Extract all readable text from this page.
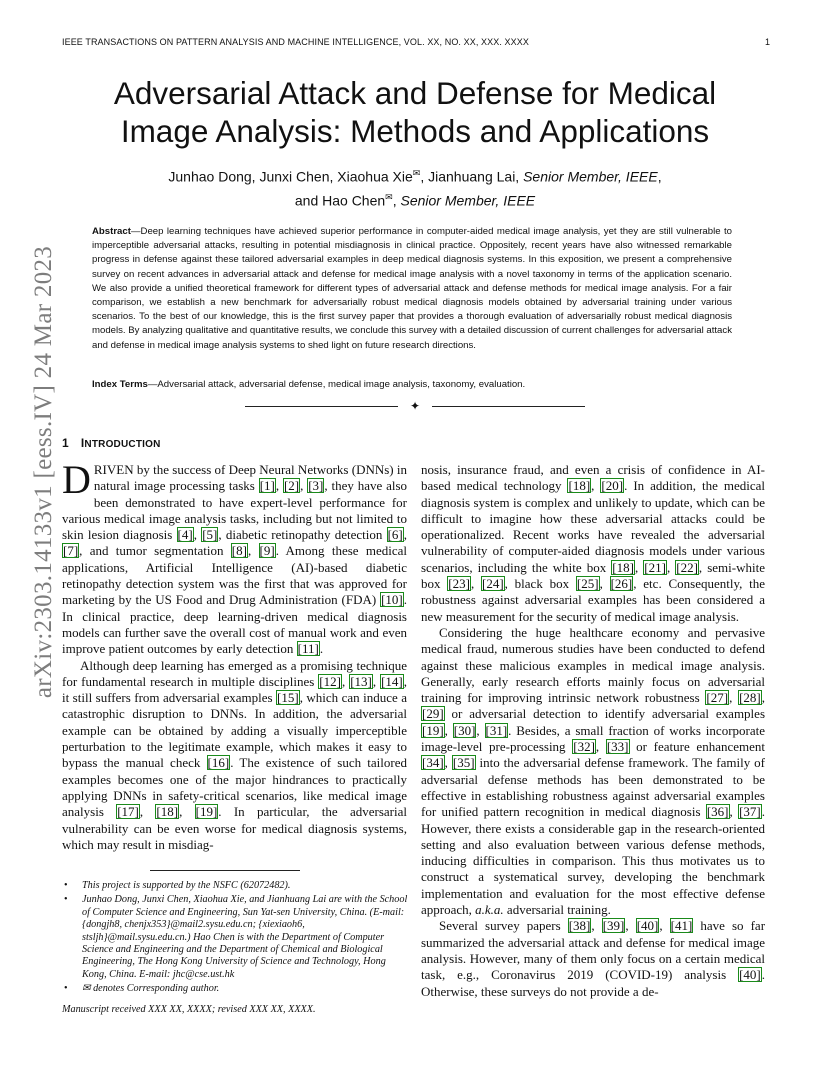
IEEE TRANSACTIONS ON PATTERN ANALYSIS AND MACHINE INTELLIGENCE, VOL. XX, NO. XX, XXX. XXXX	1
Adversarial Attack and Defense for Medical
Image Analysis: Methods and Applications
Junhao Dong, Junxi Chen, Xiaohua Xie✉, Jianhuang Lai, Senior Member, IEEE,
and Hao Chen✉, Senior Member, IEEE
Abstract—Deep learning techniques have achieved superior performance in computer-aided medical image analysis, yet they are still vulnerable to imperceptible adversarial attacks, resulting in potential misdiagnosis in clinical practice. Oppositely, recent years have also witnessed remarkable progress in defense against these tailored adversarial examples in deep medical diagnosis systems. In this exposition, we present a comprehensive survey on recent advances in adversarial attack and defense for medical image analysis with a novel taxonomy in terms of the application scenario. We also provide a unified theoretical framework for different types of adversarial attack and defense methods for medical image analysis. For a fair comparison, we establish a new benchmark for adversarially robust medical diagnosis models obtained by adversarial training under various scenarios. To the best of our knowledge, this is the first survey paper that provides a thorough evaluation of adversarially robust medical diagnosis models. By analyzing qualitative and quantitative results, we conclude this survey with a detailed discussion of current challenges for adversarial attack and defense in medical image analysis systems to shed light on future research directions.
Index Terms—Adversarial attack, adversarial defense, medical image analysis, taxonomy, evaluation.
✦
arXiv:2303.14133v1 [eess.IV] 24 Mar 2023 1 INTRODUCTION

DRIVEN by the success of Deep Neural Networks (DNNs) in natural image processing tasks [1], [2], [3], they have also been demonstrated to have expert-level performance for various medical image analysis tasks, including but not limited to skin lesion diagnosis [4], [5], diabetic retinopathy detection [6], [7], and tumor segmentation [8], [9]. Among these medical applications, Artificial Intelligence (AI)-based diabetic retinopathy detection system was the first that was approved for marketing by the US Food and Drug Administration (FDA) [10]. In clinical practice, deep learning-driven medical diagnosis models can further save the overall cost of manual work and even improve patient outcomes by early detection [11].

Although deep learning has emerged as a promising technique for fundamental research in multiple disciplines [12], [13], [14], it still suffers from adversarial examples [15], which can induce a catastrophic disruption to DNNs. In addition, the adversarial example can be obtained by adding a visually imperceptible perturbation to the legitimate example, which makes it easy to bypass the manual check [16]. The existence of such tailored examples becomes one of the major hindrances to practically applying DNNs in safety-critical scenarios, like medical image analysis [17], [18], [19]. In particular, the adversarial vulnerability can be even worse for medical diagnosis systems, which may result in misdiag-

nosis, insurance fraud, and even a crisis of confidence in AI-based medical technology [18], [20]. In addition, the medical diagnosis system is complex and unlikely to update, which can be difficult to imagine how these adversarial attacks could be operationalized. Recent works have revealed the adversarial vulnerability of computer-aided diagnosis models under various scenarios, including the white box [18], [21], [22], semi-white box [23], [24], black box [25], [26], etc. Consequently, the robustness against adversarial examples has been considered a new measurement for the security of medical image analysis.

Considering the huge healthcare economy and pervasive medical fraud, numerous studies have been conducted to defend against these malicious examples in medical image analysis. Generally, early research efforts mainly focus on adversarial training for improving intrinsic network robustness [27], [28], [29] or adversarial detection to identify adversarial examples [19], [30], [31]. Besides, a small fraction of works incorporate image-level pre-processing [32], [33] or feature enhancement [34], [35] into the adversarial defense framework. The family of adversarial defense methods has been demonstrated to be effective in establishing robustness against adversarial examples for unified pattern recognition in medical diagnosis [36], [37]. However, there exists a considerable gap in the research-oriented setting and also evaluation between various defense methods, inducing difficulties in comparison. This thus motivates us to construct a systematical survey, developing the benchmark implementation and evaluation for the most effective defense approach, a.k.a. adversarial training.

Several survey papers [38], [39], [40], [41] have so far summarized the adversarial attack and defense for medical image analysis. However, many of them only focus on a certain medical task, e.g., Coronavirus 2019 (COVID-19) analysis [40]. Otherwise, these surveys do not provide a de-

• This project is supported by the NSFC (62072482).
• Junhao Dong, Junxi Chen, Xiaohua Xie, and Jianhuang Lai are with the School of Computer Science and Engineering, Sun Yat-sen University, China. (E-mail: {dongjh8, chenjx353}@mail2.sysu.edu.cn; {xiexiaoh6, stsljh}@mail.sysu.edu.cn.) Hao Chen is with the Department of Computer Science and Engineering and the Department of Chemical and Biological Engineering, The Hong Kong University of Science and Technology, Hong Kong, China. E-mail: jhc@cse.ust.hk
• ✉ denotes Corresponding author.
Manuscript received XXX XX, XXXX; revised XXX XX, XXXX.
